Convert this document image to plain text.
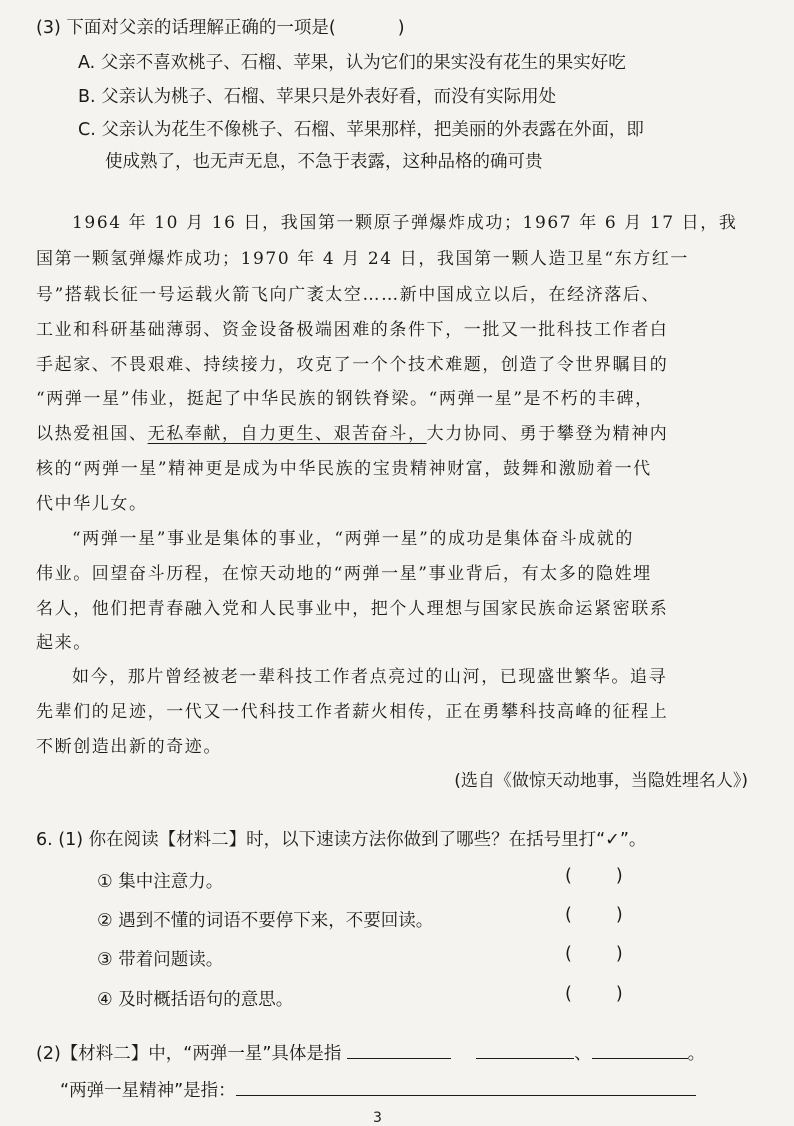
(3) 下面对父亲的话理解正确的一项是(	)
A. 父亲不喜欢桃子、石榴、苹果，认为它们的果实没有花生的果实好吃
B. 父亲认为桃子、石榴、苹果只是外表好看，而没有实际用处
C. 父亲认为花生不像桃子、石榴、苹果那样，把美丽的外表露在外面，即
使成熟了，也无声无息，不急于表露，这种品格的确可贵
1964 年 10 月 16 日，我国第一颗原子弹爆炸成功；1967 年 6 月 17 日，我
国第一颗氢弹爆炸成功；1970 年 4 月 24 日，我国第一颗人造卫星“东方红一
号”搭载长征一号运载火箭飞向广袤太空……新中国成立以后，在经济落后、
工业和科研基础薄弱、资金设备极端困难的条件下，一批又一批科技工作者白
手起家、不畏艰难、持续接力，攻克了一个个技术难题，创造了令世界瞩目的
“两弹一星”伟业，挺起了中华民族的钢铁脊梁。“两弹一星”是不朽的丰碑，
以热爱祖国、无私奉献，自力更生、艰苦奋斗，大力协同、勇于攀登为精神内
核的“两弹一星”精神更是成为中华民族的宝贵精神财富，鼓舞和激励着一代
代中华儿女。
“两弹一星”事业是集体的事业，“两弹一星”的成功是集体奋斗成就的
伟业。回望奋斗历程，在惊天动地的“两弹一星”事业背后，有太多的隐姓埋
名人，他们把青春融入党和人民事业中，把个人理想与国家民族命运紧密联系
起来。
如今，那片曾经被老一辈科技工作者点亮过的山河，已现盛世繁华。追寻
先辈们的足迹，一代又一代科技工作者薪火相传，正在勇攀科技高峰的征程上
不断创造出新的奇迹。
(选自《做惊天动地事，当隐姓埋名人》)
6. (1) 你在阅读【材料二】时，以下速读方法你做到了哪些？在括号里打“✓”。
① 集中注意力。	(	)
② 遇到不懂的词语不要停下来，不要回读。	(	)
③ 带着问题读。	(	)
④ 及时概括语句的意思。	(	)
(2)【材料二】中，“两弹一星”具体是指	、	。
“两弹一星精神”是指：
3
